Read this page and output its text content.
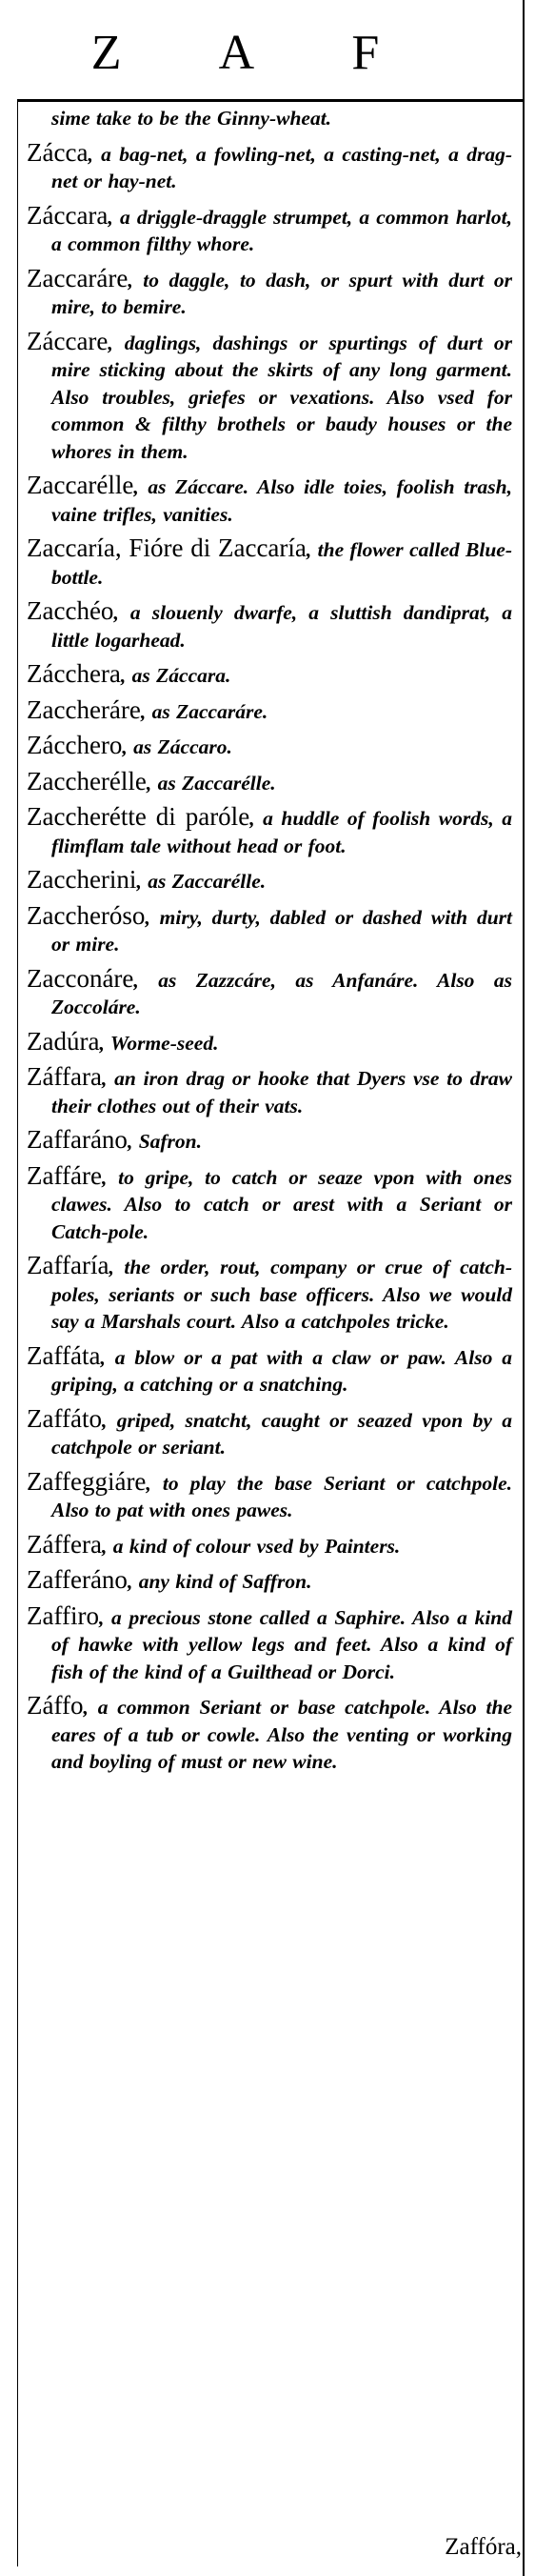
Z A F

sime take to be the Ginny-wheat.

Zácca, a bag-net, a fowling-net, a casting-net, a drag-net or hay-net.

Záccara, a driggle-draggle strumpet, a common harlot, a common filthy whore.

Zaccaráre, to daggle, to dash, or spurt with durt or mire, to bemire.

Záccare, daglings, dashings or spurtings of durt or mire sticking about the skirts of any long garment. Also troubles, griefes or vexations. Also vsed for common & filthy brothels or baudy houses or the whores in them.

Zaccarélle, as Záccare. Also idle toies, foolish trash, vaine trifles, vanities.

Zaccaría, Fióre di Zaccaría, the flower called Blue-bottle.

Zacchéo, a slouenly dwarfe, a sluttish dandiprat, a little logarhead.

Zácchera, as Záccara.

Zaccheráre, as Zaccaráre.

Zácchero, as Záccaro.

Zaccherélle, as Zaccarélle.

Zaccherétte di paróle, a huddle of foolish words, a flimflam tale without head or foot.

Zaccherini, as Zaccarélle.

Zaccheróso, miry, durty, dabled or dashed with durt or mire.

Zacconáre, as Zazzcáre, as Anfanáre. Also as Zoccoláre.

Zadúra, Worme-seed.

Záffara, an iron drag or hooke that Dyers vse to draw their clothes out of their vats.

Zaffaráno, Safron.

Zaffáre, to gripe, to catch or seaze vpon with ones clawes. Also to catch or arest with a Seriant or Catch-pole.

Zaffaría, the order, rout, company or crue of catch-poles, seriants or such base officers. Also we would say a Marshals court. Also a catchpoles tricke.

Zaffáta, a blow or a pat with a claw or paw. Also a griping, a catching or a snatching.

Zaffáto, griped, snatcht, caught or seazed vpon by a catchpole or seriant.

Zaffeggiáre, to play the base Seriant or catchpole. Also to pat with ones pawes.

Záffera, a kind of colour vsed by Painters.

Zafferáno, any kind of Saffron.

Zaffiro, a precious stone called a Saphire. Also a kind of hawke with yellow legs and feet. Also a kind of fish of the kind of a Guilthead or Dorci.

Záffo, a common Seriant or base catchpole. Also the eares of a tub or cowle. Also the venting or working and boyling of must or new wine.

Zaffóra,
